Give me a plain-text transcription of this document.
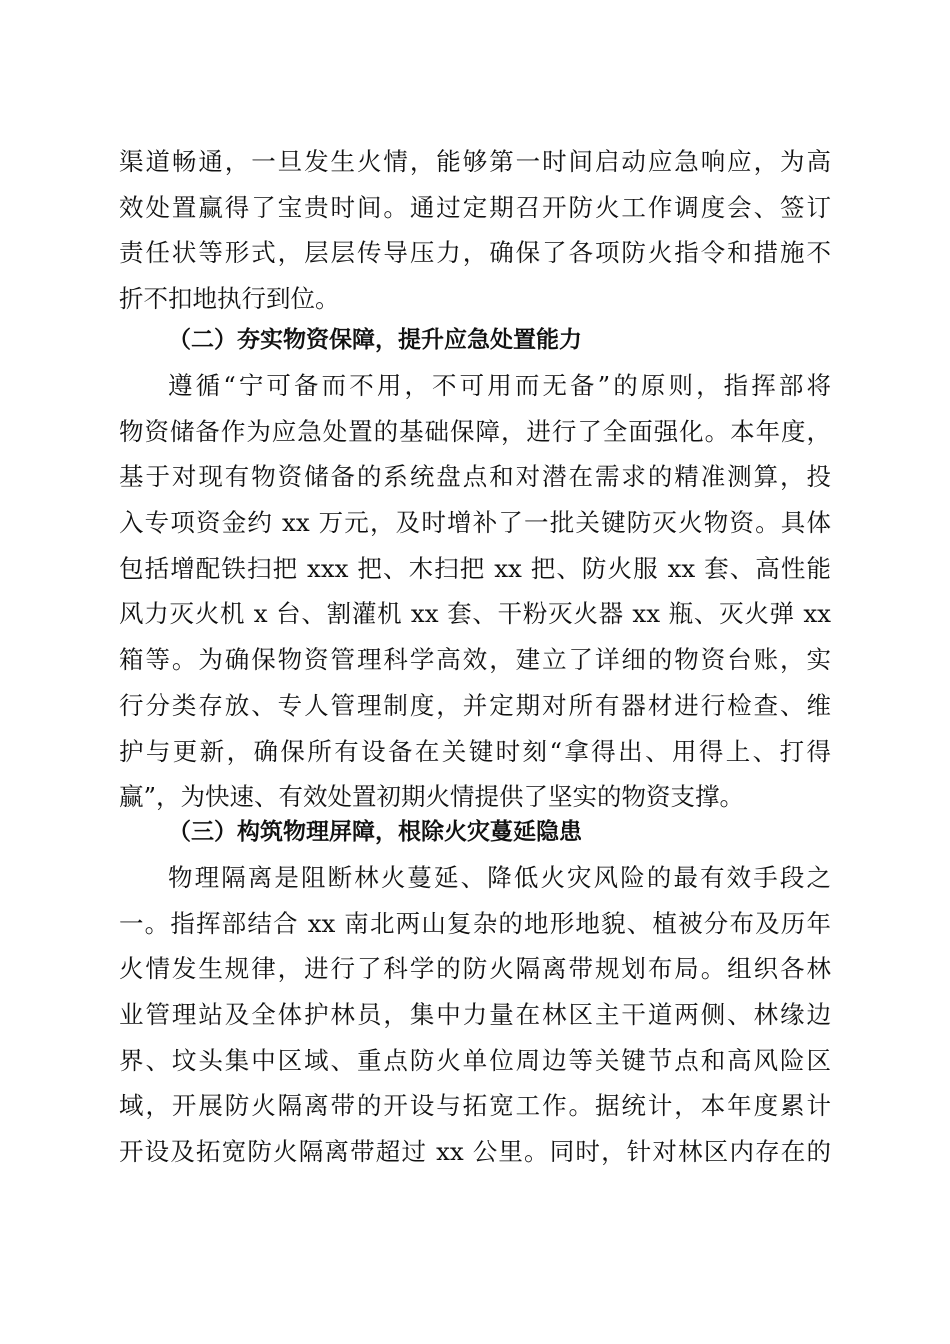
渠道畅通，一旦发生火情，能够第一时间启动应急响应，为高
效处置赢得了宝贵时间。通过定期召开防火工作调度会、签订
责任状等形式，层层传导压力，确保了各项防火指令和措施不
折不扣地执行到位。
（二）夯实物资保障，提升应急处置能力
遵循“宁可备而不用，不可用而无备”的原则，指挥部将
物资储备作为应急处置的基础保障，进行了全面强化。本年度，
基于对现有物资储备的系统盘点和对潜在需求的精准测算，投
入专项资金约 xx 万元，及时增补了一批关键防灭火物资。具体
包括增配铁扫把 xxx 把、木扫把 xx 把、防火服 xx 套、高性能
风力灭火机 x 台、割灌机 xx 套、干粉灭火器 xx 瓶、灭火弹 xx
箱等。为确保物资管理科学高效，建立了详细的物资台账，实
行分类存放、专人管理制度，并定期对所有器材进行检查、维
护与更新，确保所有设备在关键时刻“拿得出、用得上、打得
赢”，为快速、有效处置初期火情提供了坚实的物资支撑。
（三）构筑物理屏障，根除火灾蔓延隐患
物理隔离是阻断林火蔓延、降低火灾风险的最有效手段之
一。指挥部结合 xx 南北两山复杂的地形地貌、植被分布及历年
火情发生规律，进行了科学的防火隔离带规划布局。组织各林
业管理站及全体护林员，集中力量在林区主干道两侧、林缘边
界、坟头集中区域、重点防火单位周边等关键节点和高风险区
域，开展防火隔离带的开设与拓宽工作。据统计，本年度累计
开设及拓宽防火隔离带超过 xx 公里。同时，针对林区内存在的
